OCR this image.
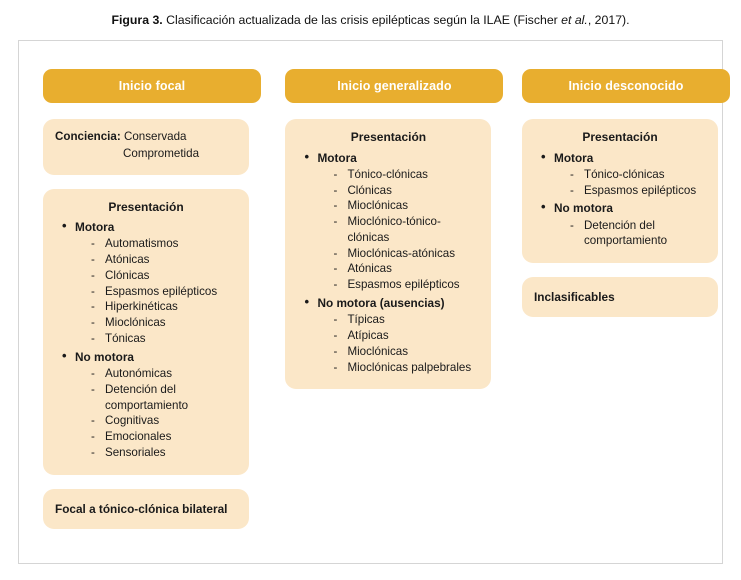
Figura 3. Clasificación actualizada de las crisis epilépticas según la ILAE (Fischer et al., 2017).
Inicio focal
Conciencia: Conservada
Comprometida
Presentación
• Motora
- Automatismos
- Atónicas
- Clónicas
- Espasmos epilépticos
- Hiperkinéticas
- Mioclónicas
- Tónicas
• No motora
- Autonómicas
- Detención del comportamiento
- Cognitivas
- Emocionales
- Sensoriales
Focal a tónico-clónica bilateral
Inicio generalizado
Presentación
• Motora
- Tónico-clónicas
- Clónicas
- Mioclónicas
- Mioclónico-tónico-clónicas
- Mioclónicas-atónicas
- Atónicas
- Espasmos epilépticos
• No motora (ausencias)
- Típicas
- Atípicas
- Mioclónicas
- Mioclónicas palpebrales
Inicio desconocido
Presentación
• Motora
- Tónico-clónicas
- Espasmos epilépticos
• No motora
- Detención del comportamiento
Inclasificables
